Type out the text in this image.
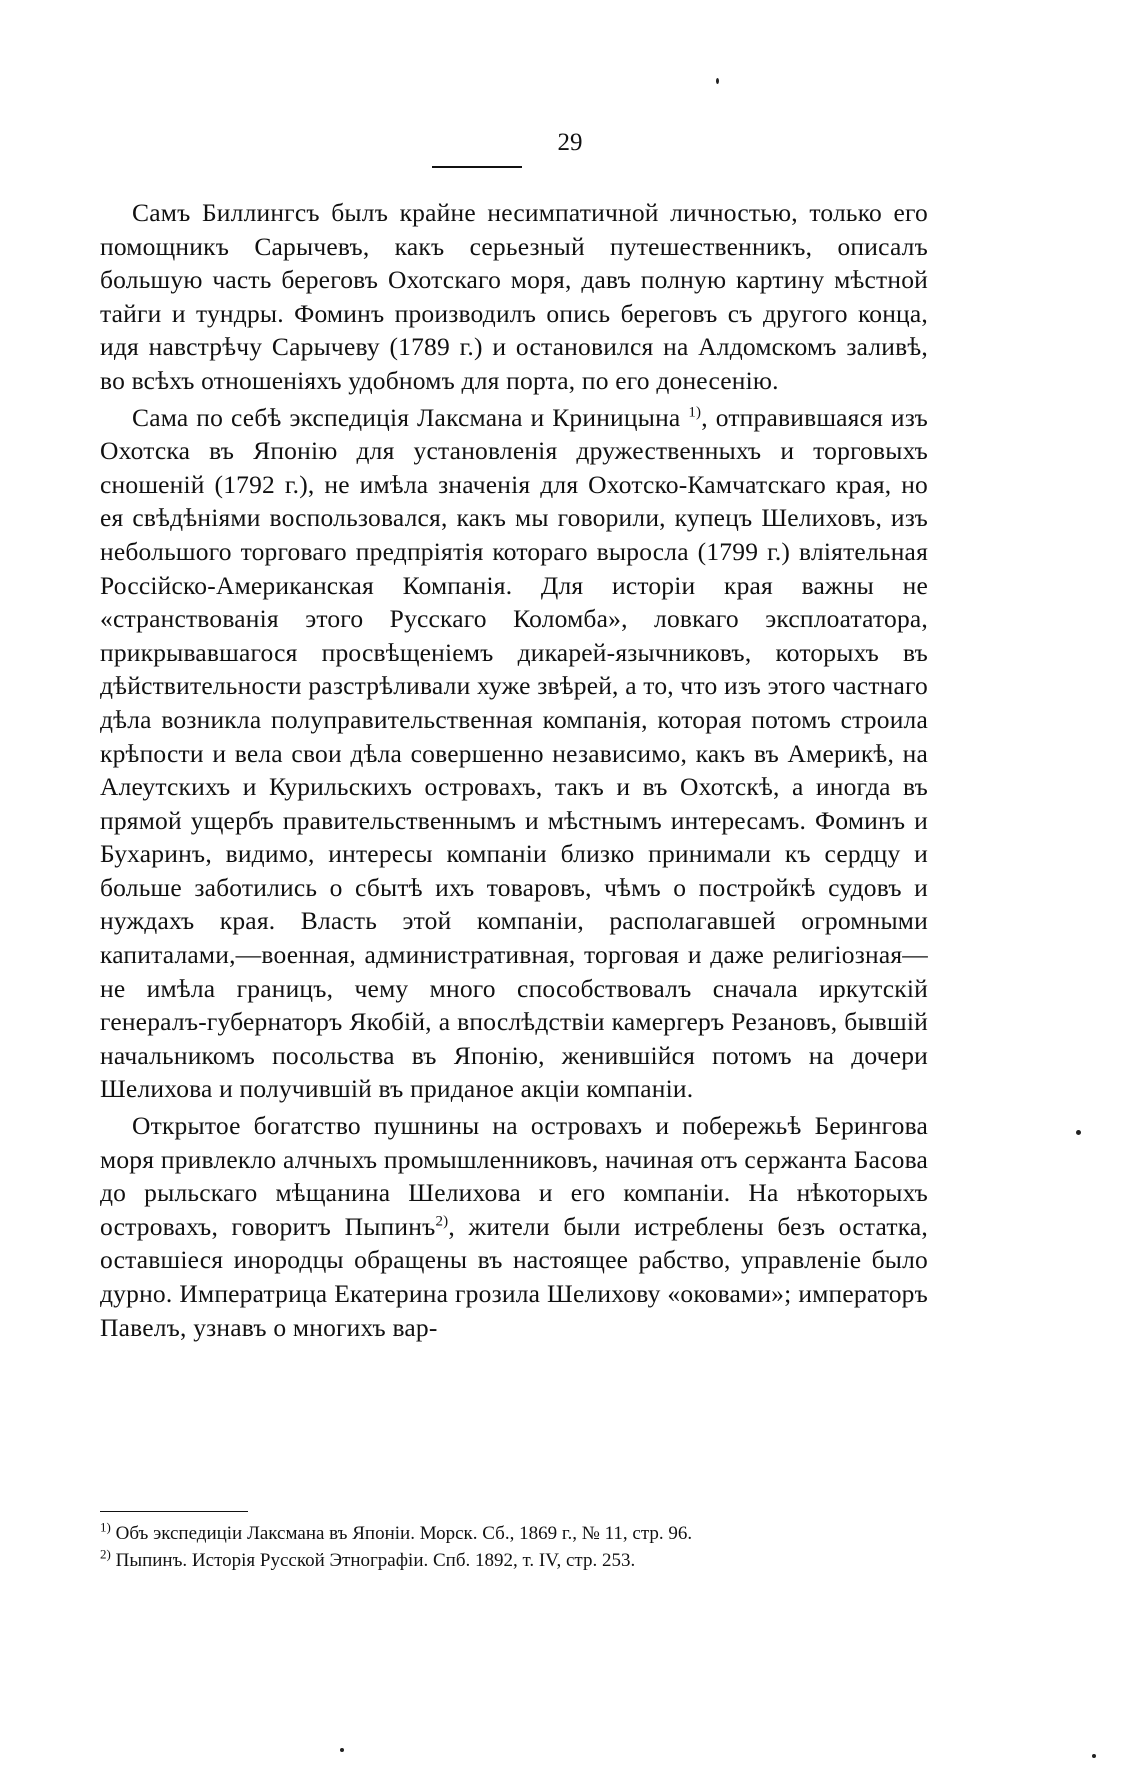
29

Самъ Биллингсъ былъ крайне несимпатичной личностью, только его помощникъ Сарычевъ, какъ серьезный путешественникъ, описалъ большую часть береговъ Охотскаго моря, давъ полную картину мѣстной тайги и тундры. Фоминъ производилъ опись береговъ съ другого конца, идя навстрѣчу Сарычеву (1789 г.) и остановился на Алдомскомъ заливѣ, во всѣхъ отношеніяхъ удобномъ для порта, по его донесенію.

Сама по себѣ экспедиція Лаксмана и Криницына $^{1)}$, отправившаяся изъ Охотска въ Японію для установленія дружественныхъ и торговыхъ сношеній (1792 г.), не имѣла значенія для Охотско-Камчатскаго края, но ея свѣдѣніями воспользовался, какъ мы говорили, купецъ Шелиховъ, изъ небольшого торговаго предпріятія котораго выросла (1799 г.) вліятельная Россійско-Американская Компанія. Для исторіи края важны не «странствованія этого Русскаго Коломба», ловкаго эксплоататора, прикрывавшагося просвѣщеніемъ дикарей-язычниковъ, которыхъ въ дѣйствительности разстрѣливали хуже звѣрей, а то, что изъ этого частнаго дѣла возникла полуправительственная компанія, которая потомъ строила крѣпости и вела свои дѣла совершенно независимо, какъ въ Америкѣ, на Алеутскихъ и Курильскихъ островахъ, такъ и въ Охотскѣ, а иногда въ прямой ущербъ правительственнымъ и мѣстнымъ интересамъ. Фоминъ и Бухаринъ, видимо, интересы компаніи близко принимали къ сердцу и больше заботились о сбытѣ ихъ товаровъ, чѣмъ о постройкѣ судовъ и нуждахъ края. Власть этой компаніи, располагавшей огромными капиталами,—военная, административная, торговая и даже религіозная—не имѣла границъ, чему много способствовалъ сначала иркутскій генералъ-губернаторъ Якобій, а впослѣдствіи камергеръ Резановъ, бывшій начальникомъ посольства въ Японію, женившійся потомъ на дочери Шелихова и получившій въ приданое акціи компаніи.

Открытое богатство пушнины на островахъ и побережьѣ Берингова моря привлекло алчныхъ промышленниковъ, начиная отъ сержанта Басова до рыльскаго мѣщанина Шелихова и его компаніи. На нѣкоторыхъ островахъ, говоритъ Пыпинъ$^{2)}$, жители были истреблены безъ остатка, оставшіеся инородцы обращены въ настоящее рабство, управленіе было дурно. Императрица Екатерина грозила Шелихову «оковами»; императоръ Павелъ, узнавъ о многихъ вар-

$^{1)}$ Объ экспедиціи Лаксмана въ Японіи. Морск. Сб., 1869 г., № 11, стр. 96.

$^{2)}$ Пыпинъ. Исторія Русской Этнографіи. Спб. 1892, т. IV, стр. 253.
